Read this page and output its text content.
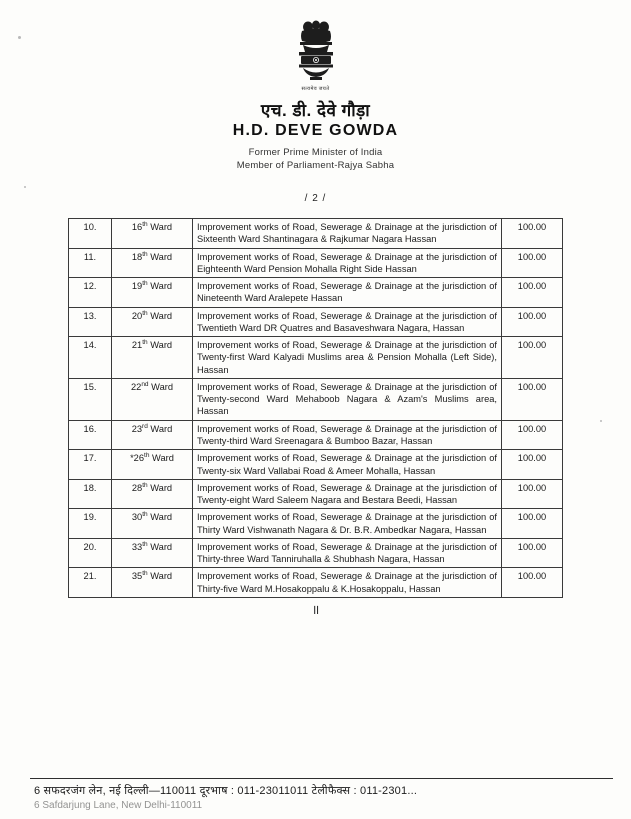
सत्यमेव जयते
एच. डी. देवे गौड़ा
H.D. DEVE GOWDA
Former Prime Minister of India
Member of Parliament-Rajya Sabha
/ 2 /
10.	16th Ward	Improvement works of Road, Sewerage & Drainage at the jurisdiction of Sixteenth Ward Shantinagara & Rajkumar Nagara Hassan	100.00
11.	18th Ward	Improvement works of Road, Sewerage & Drainage at the jurisdiction of Eighteenth Ward Pension Mohalla Right Side Hassan	100.00
12.	19th Ward	Improvement works of Road, Sewerage & Drainage at the jurisdiction of Nineteenth Ward Aralepete Hassan	100.00
13.	20th Ward	Improvement works of Road, Sewerage & Drainage at the jurisdiction of Twentieth Ward DR Quatres and Basaveshwara Nagara, Hassan	100.00
14.	21th Ward	Improvement works of Road, Sewerage & Drainage at the jurisdiction of Twenty-first Ward Kalyadi Muslims area & Pension Mohalla (Left Side), Hassan	100.00
15.	22nd Ward	Improvement works of Road, Sewerage & Drainage at the jurisdiction of Twenty-second Ward Mehaboob Nagara & Azam's Muslims area, Hassan	100.00
16.	23rd Ward	Improvement works of Road, Sewerage & Drainage at the jurisdiction of Twenty-third Ward Sreenagara & Bumboo Bazar, Hassan	100.00
17.	*26th Ward	Improvement works of Road, Sewerage & Drainage at the jurisdiction of Twenty-six Ward Vallabai Road & Ameer Mohalla, Hassan	100.00
18.	28th Ward	Improvement works of Road, Sewerage & Drainage at the jurisdiction of Twenty-eight Ward Saleem Nagara and Bestara Beedi, Hassan	100.00
19.	30th Ward	Improvement works of Road, Sewerage & Drainage at the jurisdiction of Thirty Ward Vishwanath Nagara & Dr. B.R. Ambedkar Nagara, Hassan	100.00
20.	33th Ward	Improvement works of Road, Sewerage & Drainage at the jurisdiction of Thirty-three Ward Tanniruhalla & Shubhash Nagara, Hassan	100.00
21.	35th Ward	Improvement works of Road, Sewerage & Drainage at the jurisdiction of Thirty-five Ward M.Hosakoppalu & K.Hosakoppalu, Hassan	100.00
॥
6 सफदरजंग लेन, नई दिल्ली—110011 दूरभाष : 011-23011011 टेलीफैक्स : 011-2301...
6 Safdarjung Lane, New Delhi-110011
